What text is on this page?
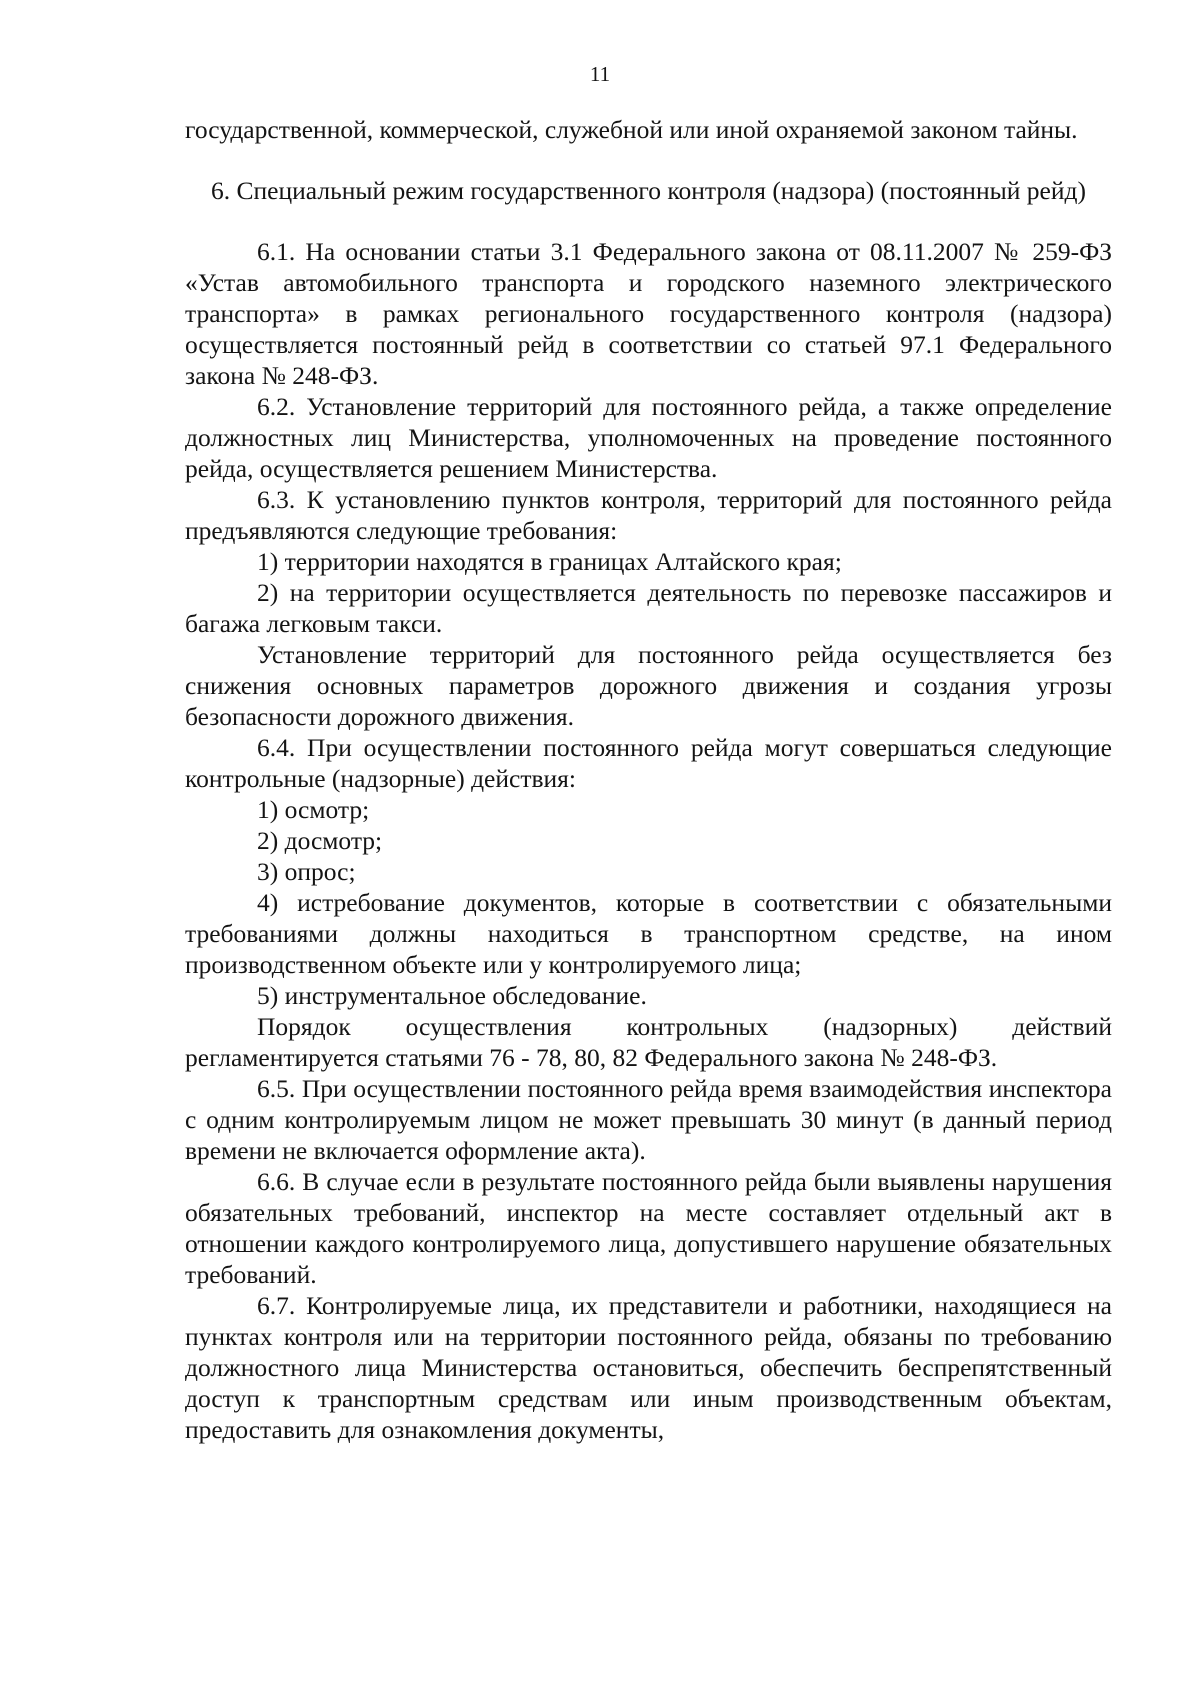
11

государственной, коммерческой, служебной или иной охраняемой законом тайны.

6. Специальный режим государственного контроля (надзора) (постоянный рейд)

6.1. На основании статьи 3.1 Федерального закона от 08.11.2007 № 259-ФЗ «Устав автомобильного транспорта и городского наземного электрического транспорта» в рамках регионального государственного контроля (надзора) осуществляется постоянный рейд в соответствии со статьей 97.1 Федерального закона № 248-ФЗ.

6.2. Установление территорий для постоянного рейда, а также определение должностных лиц Министерства, уполномоченных на проведение постоянного рейда, осуществляется решением Министерства.

6.3. К установлению пунктов контроля, территорий для постоянного рейда предъявляются следующие требования:

1) территории находятся в границах Алтайского края;

2) на территории осуществляется деятельность по перевозке пассажиров и багажа легковым такси.

Установление территорий для постоянного рейда осуществляется без снижения основных параметров дорожного движения и создания угрозы безопасности дорожного движения.

6.4. При осуществлении постоянного рейда могут совершаться следующие контрольные (надзорные) действия:

1) осмотр;

2) досмотр;

3) опрос;

4) истребование документов, которые в соответствии с обязательными требованиями должны находиться в транспортном средстве, на ином производственном объекте или у контролируемого лица;

5) инструментальное обследование.

Порядок осуществления контрольных (надзорных) действий регламентируется статьями 76 - 78, 80, 82 Федерального закона № 248-ФЗ.

6.5. При осуществлении постоянного рейда время взаимодействия инспектора с одним контролируемым лицом не может превышать 30 минут (в данный период времени не включается оформление акта).

6.6. В случае если в результате постоянного рейда были выявлены нарушения обязательных требований, инспектор на месте составляет отдельный акт в отношении каждого контролируемого лица, допустившего нарушение обязательных требований.

6.7. Контролируемые лица, их представители и работники, находящиеся на пунктах контроля или на территории постоянного рейда, обязаны по требованию должностного лица Министерства остановиться, обеспечить беспрепятственный доступ к транспортным средствам или иным производственным объектам, предоставить для ознакомления документы,
